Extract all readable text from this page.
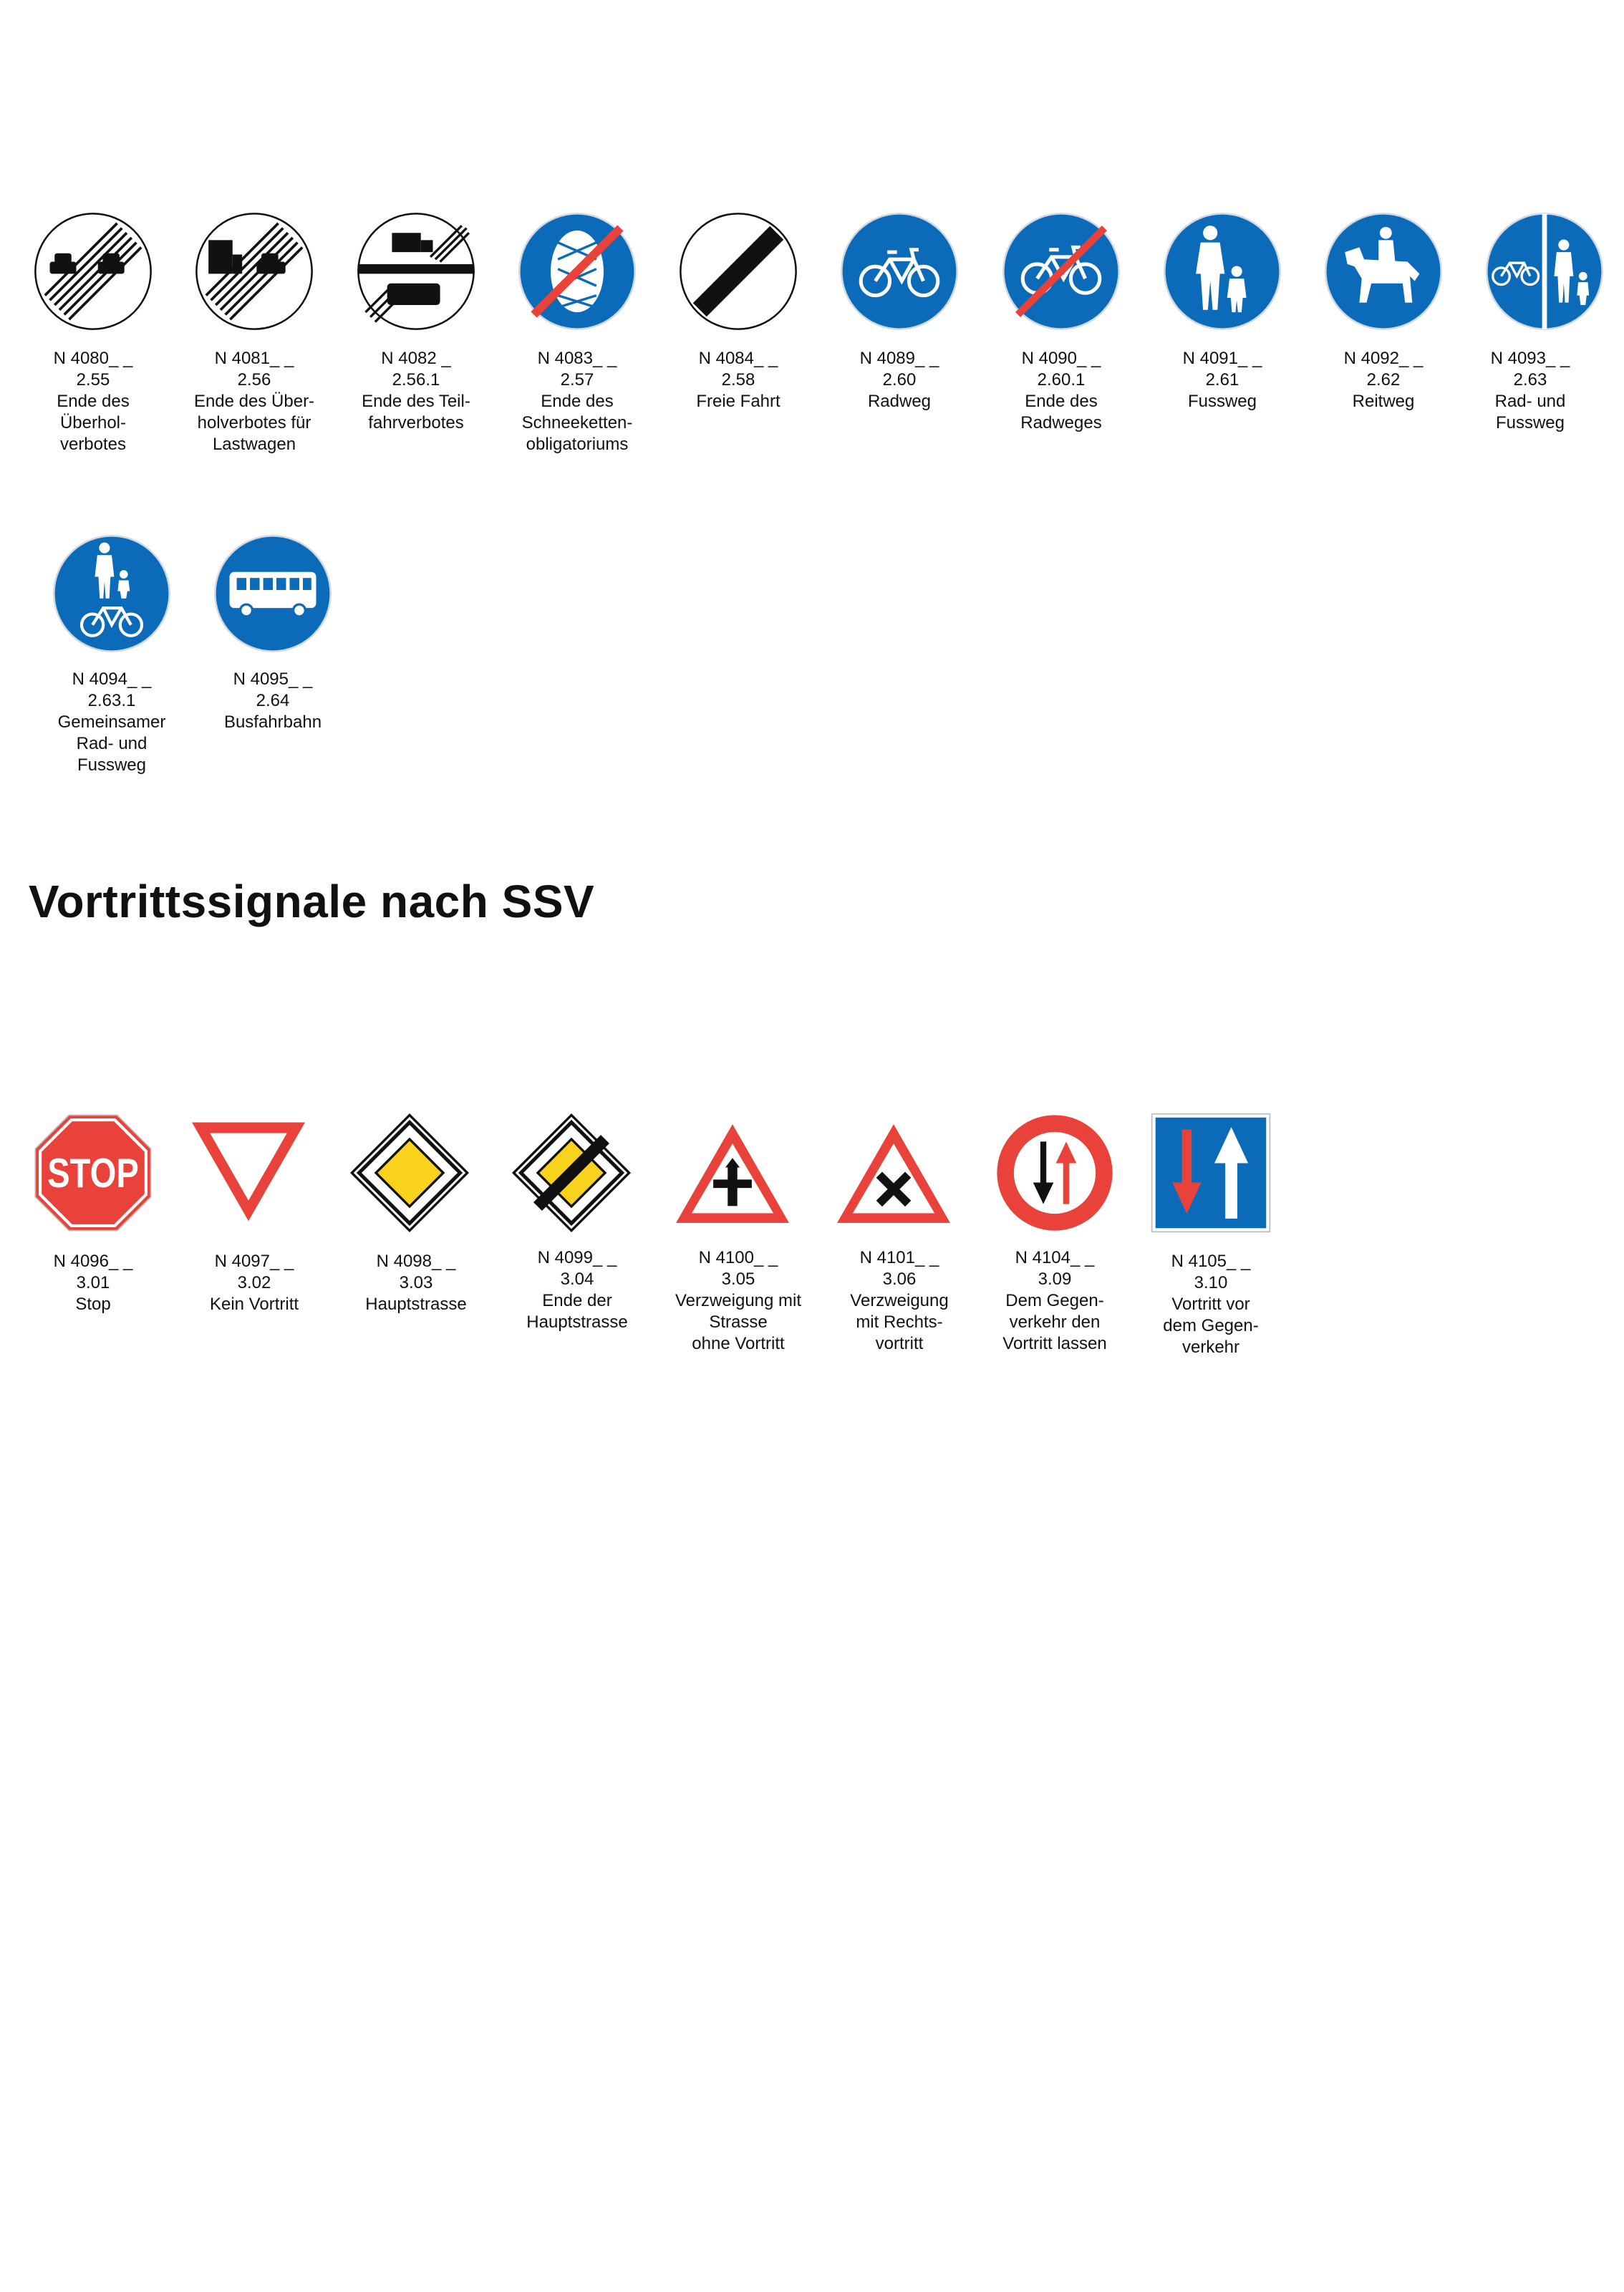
N 4080_ _
2.55
Ende des
Überhol-
verbotes
N 4081_ _
2.56
Ende des Über-
holverbotes für
Lastwagen
N 4082 _
2.56.1
Ende des Teil-
fahrverbotes
N 4083_ _
2.57
Ende des
Schneeketten-
obligatoriums
N 4084_ _
2.58
Freie Fahrt
N 4089_ _
2.60
Radweg
N 4090_ _
2.60.1
Ende des
Radweges
N 4091_ _
2.61
Fussweg
N 4092_ _
2.62
Reitweg
N 4093_ _
2.63
Rad- und
Fussweg
N 4094_ _
2.63.1
Gemeinsamer
Rad- und
Fussweg
N 4095_ _
2.64
Busfahrbahn
Vortrittssignale nach SSV
STOP
N 4096_ _
3.01
Stop
N 4097_ _
3.02
Kein Vortritt
N 4098_ _
3.03
Hauptstrasse
N 4099_ _
3.04
Ende der
Hauptstrasse
N 4100_ _
3.05
Verzweigung mit
Strasse
ohne Vortritt
N 4101_ _
3.06
Verzweigung
mit Rechts-
vortritt
N 4104_ _
3.09
Dem Gegen-
verkehr den
Vortritt lassen
N 4105_ _
3.10
Vortritt vor
dem Gegen-
verkehr
